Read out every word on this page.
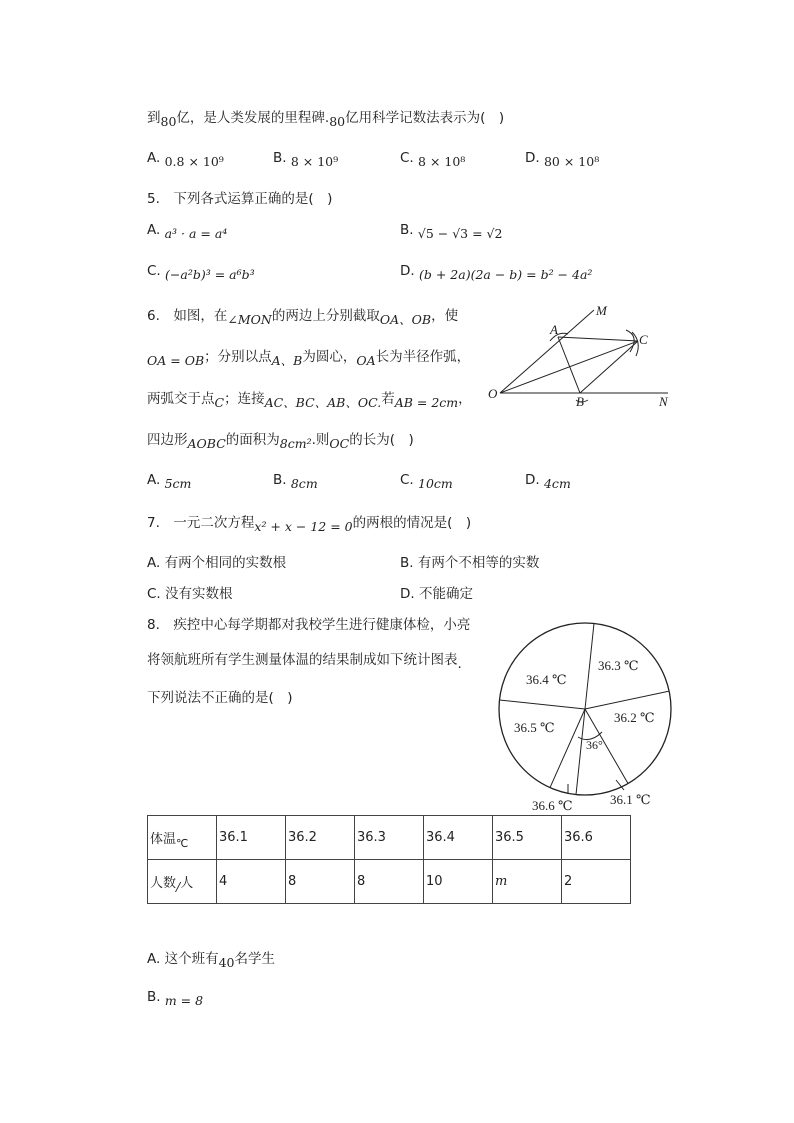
到80亿，是人类发展的里程碑.80亿用科学记数法表示为(　)
A. 0.8 × 10⁹	B. 8 × 10⁹	C. 8 × 10⁸	D. 80 × 10⁸
5.　下列各式运算正确的是(　)
A. a³ · a = a⁴	B. √5 − √3 = √2
C. (−a²b)³ = a⁶b³	D. (b + 2a)(2a − b) = b² − 4a²
6.　如图，在∠MON的两边上分别截取OA、OB，使
OA = OB；分别以点A、B为圆心，OA长为半径作弧，
两弧交于点C；连接AC、BC、AB、OC.若AB = 2cm，
四边形AOBC的面积为8cm².则OC的长为(　)
M
A
C
O
B	N
A. 5cm	B. 8cm	C. 10cm	D. 4cm
7.　一元二次方程x² + x − 12 = 0的两根的情况是(　)
A. 有两个相同的实数根	B. 有两个不相等的实数
C. 没有实数根	D. 不能确定
8.　疾控中心每学期都对我校学生进行健康体检，小亮
将领航班所有学生测量体温的结果制成如下统计图表.
下列说法不正确的是(　)
36.1 ℃
36.2 ℃
36.3 ℃
36.4 ℃
36.5 ℃
36.6 ℃
36°
体温$_℃$	36.1	36.2	36.3	36.4	36.5	36.6
人数/人	4	8	8	10	m	2
A. 这个班有40名学生
B. m = 8
